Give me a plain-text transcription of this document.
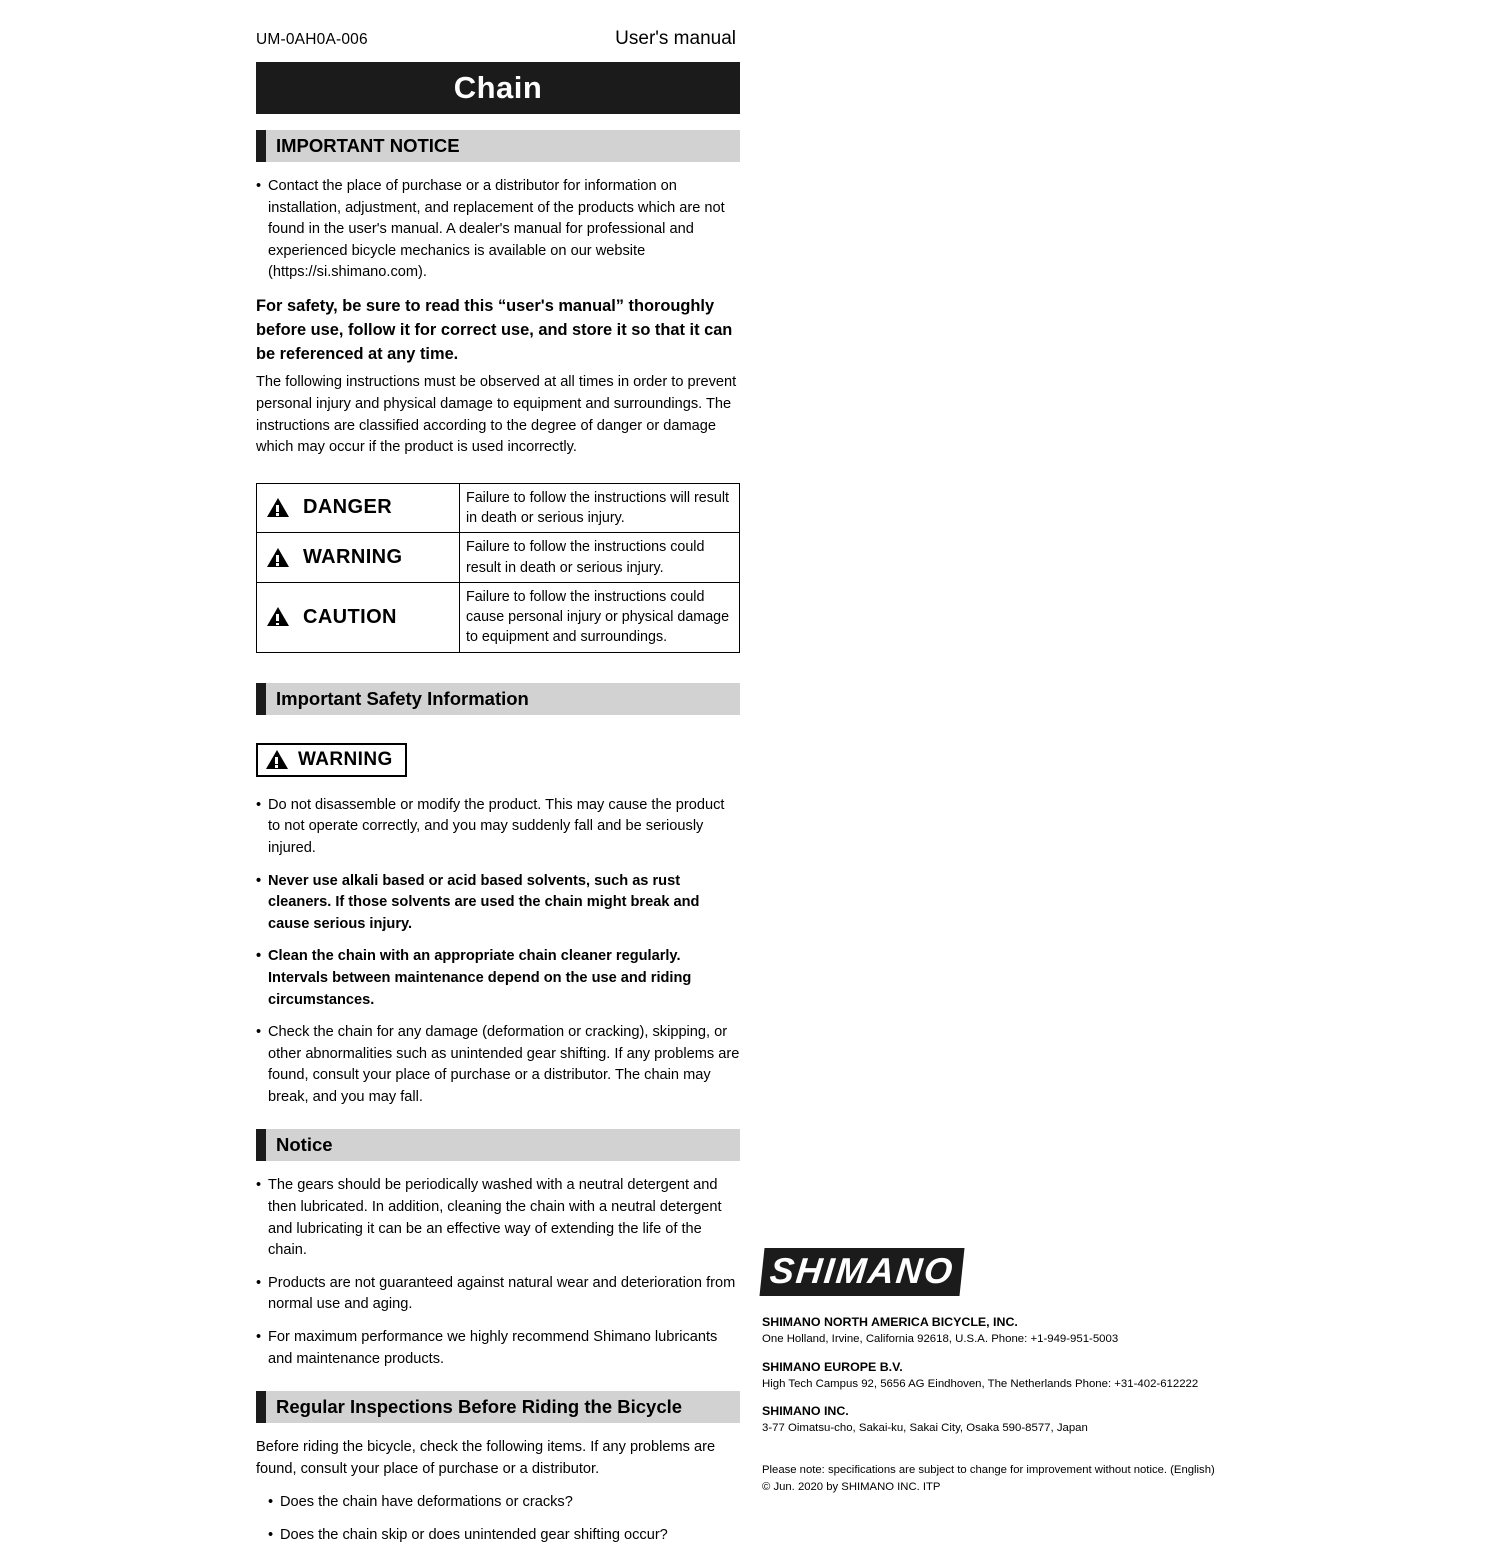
UM-0AH0A-006	User's manual
Chain
IMPORTANT NOTICE
• Contact the place of purchase or a distributor for information on installation, adjustment, and replacement of the products which are not found in the user's manual. A dealer's manual for professional and experienced bicycle mechanics is available on our website (https://si.shimano.com).

For safety, be sure to read this “user's manual” thoroughly before use, follow it for correct use, and store it so that it can be referenced at any time.

The following instructions must be observed at all times in order to prevent personal injury and physical damage to equipment and surroundings. The instructions are classified according to the degree of danger or damage which may occur if the product is used incorrectly.

DANGER	Failure to follow the instructions will result in death or serious injury.

WARNING	Failure to follow the instructions could result in death or serious injury.

CAUTION	Failure to follow the instructions could cause personal injury or physical damage to equipment and surroundings.
Important Safety Information
WARNING
• Do not disassemble or modify the product. This may cause the product to not operate correctly, and you may suddenly fall and be seriously injured.
• Never use alkali based or acid based solvents, such as rust cleaners. If those solvents are used the chain might break and cause serious injury.
• Clean the chain with an appropriate chain cleaner regularly. Intervals between maintenance depend on the use and riding circumstances.
• Check the chain for any damage (deformation or cracking), skipping, or other abnormalities such as unintended gear shifting. If any problems are found, consult your place of purchase or a distributor. The chain may break, and you may fall.
Notice
• The gears should be periodically washed with a neutral detergent and then lubricated. In addition, cleaning the chain with a neutral detergent and lubricating it can be an effective way of extending the life of the chain.
• Products are not guaranteed against natural wear and deterioration from normal use and aging.
• For maximum performance we highly recommend Shimano lubricants and maintenance products.
Regular Inspections Before Riding the Bicycle

Before riding the bicycle, check the following items. If any problems are found, consult your place of purchase or a distributor.

• Does the chain have deformations or cracks?
• Does the chain skip or does unintended gear shifting occur?
SHIMANO

SHIMANO NORTH AMERICA BICYCLE, INC.

One Holland, Irvine, California 92618, U.S.A. Phone: +1-949-951-5003

SHIMANO EUROPE B.V.

High Tech Campus 92, 5656 AG Eindhoven, The Netherlands Phone: +31-402-612222

SHIMANO INC.

3-77 Oimatsu-cho, Sakai-ku, Sakai City, Osaka 590-8577, Japan

Please note: specifications are subject to change for improvement without notice. (English)

© Jun. 2020 by SHIMANO INC. ITP
